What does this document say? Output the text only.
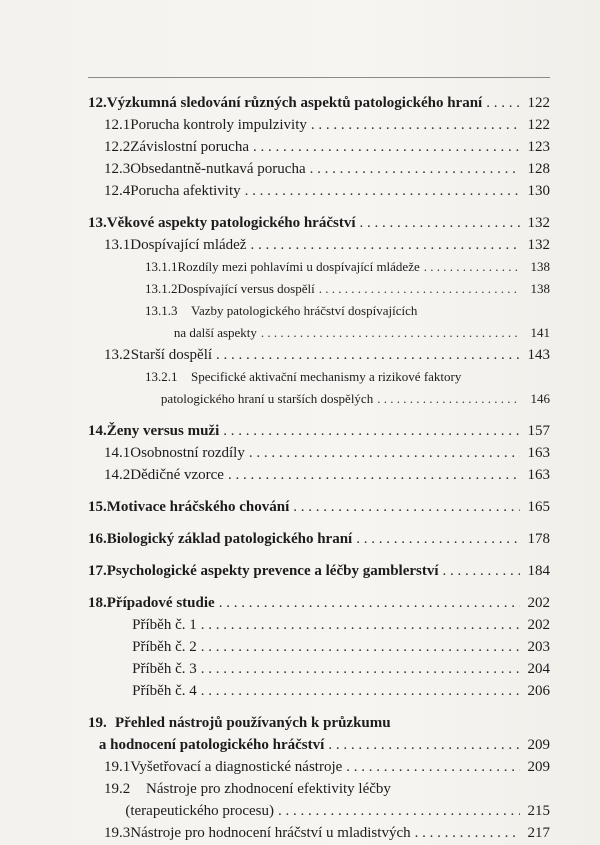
12. Výzkumná sledování různých aspektů patologického hraní . . .	122
12.1 Porucha kontroly impulzivity . . .	122
12.2 Závislostní porucha . . .	123
12.3 Obsedantně-nutkavá porucha . . .	128
12.4 Porucha afektivity . . .	130
13. Věkové aspekty patologického hráčství . . .	132
13.1 Dospívající mládež . . .	132
13.1.1 Rozdíly mezi pohlavími u dospívající mládeže . . .	138
13.1.2 Dospívající versus dospělí . . .	138
13.1.3	Vazby patologického hráčství dospívajících
na další aspekty . . .	141
13.2 Starší dospělí . . .	143
13.2.1	Specifické aktivační mechanismy a rizikové faktory
patologického hraní u starších dospělých . . .	146
14. Ženy versus muži . . .	157
14.1 Osobnostní rozdíly . . .	163
14.2 Dědičné vzorce . . .	163
15. Motivace hráčského chování . . .	165
16. Biologický základ patologického hraní . . .	178
17. Psychologické aspekty prevence a léčby gamblerství . . .	184
18. Případové studie . . .	202
Příběh č. 1 . . .	202
Příběh č. 2 . . .	203
Příběh č. 3 . . .	204
Příběh č. 4 . . .	206
19. Přehled nástrojů používaných k průzkumu
a hodnocení patologického hráčství . . .	209
19.1 Vyšetřovací a diagnostické nástroje . . .	209
19.2	Nástroje pro zhodnocení efektivity léčby
(terapeutického procesu) . . .	215
19.3 Nástroje pro hodnocení hráčství u mladistvých . . .	217
